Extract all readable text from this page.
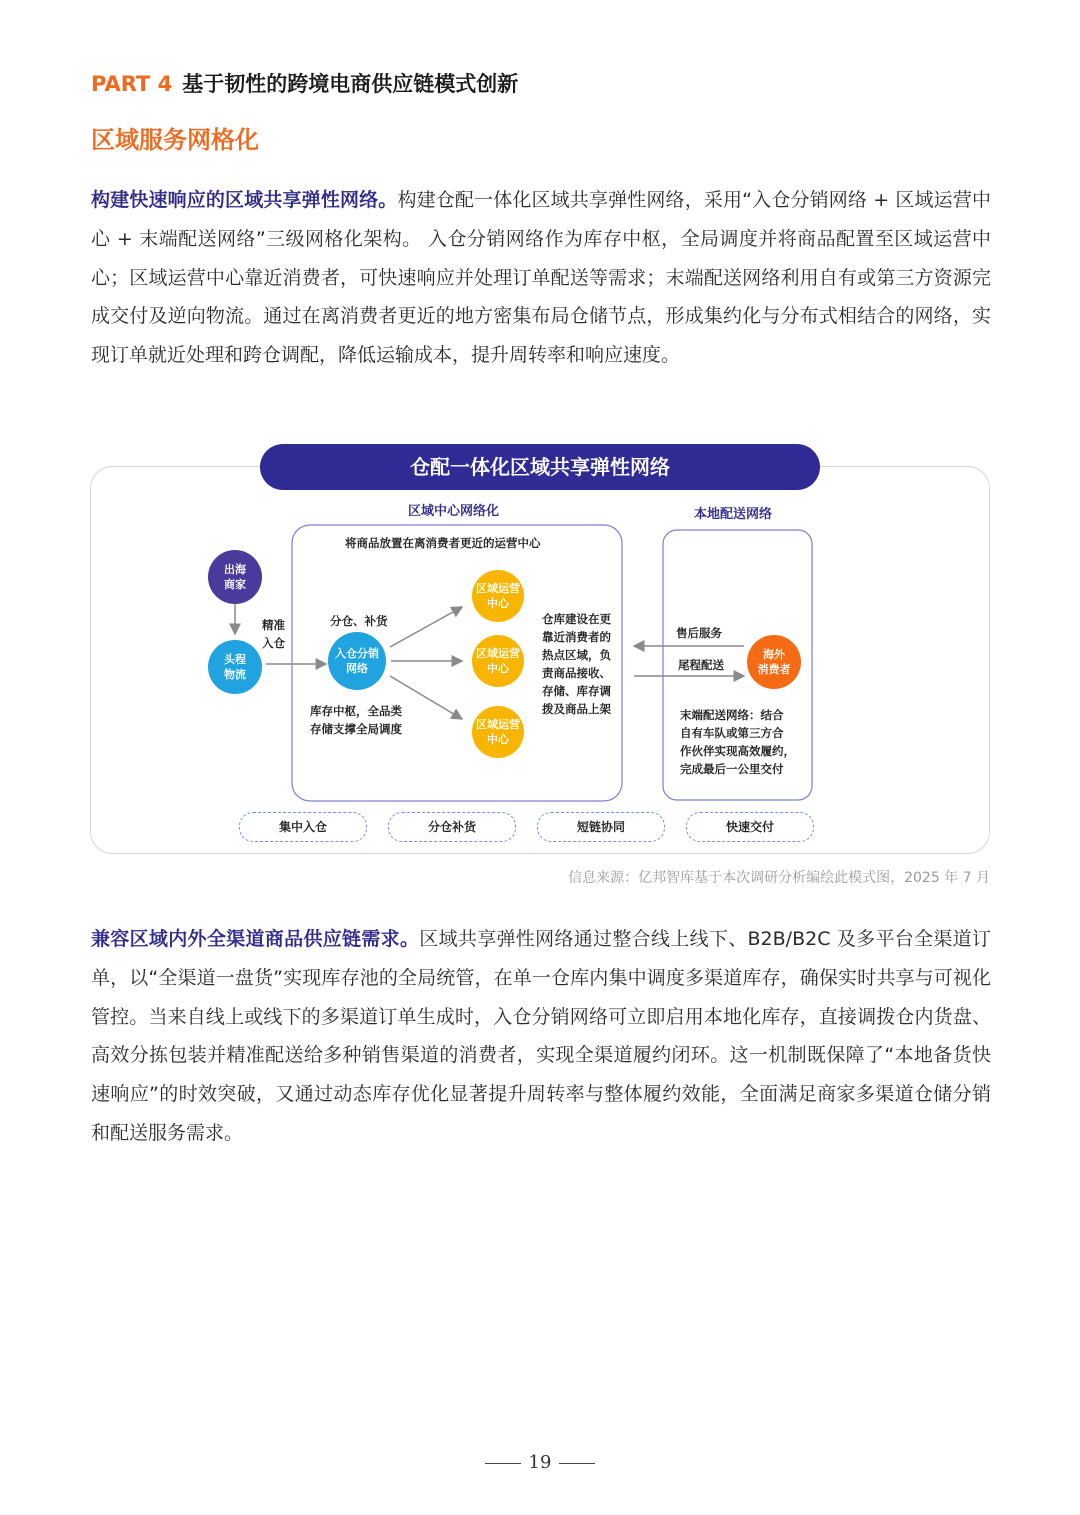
PART 4 基于韧性的跨境电商供应链模式创新
区域服务网格化
构建快速响应的区域共享弹性网络。构建仓配一体化区域共享弹性网络，采用“入仓分销网络 + 区域运营中心 + 末端配送网络”三级网格化架构。 入仓分销网络作为库存中枢，全局调度并将商品配置至区域运营中心；区域运营中心靠近消费者，可快速响应并处理订单配送等需求；末端配送网络利用自有或第三方资源完成交付及逆向物流。通过在离消费者更近的地方密集布局仓储节点，形成集约化与分布式相结合的网络，实现订单就近处理和跨仓调配，降低运输成本，提升周转率和响应速度。
仓配一体化区域共享弹性网络
区域中心网络化
将商品放置在离消费者更近的运营中心
本地配送网络
出海
商家
头程
物流
精准
入仓
分仓、补货
入仓分销
网络
库存中枢，全品类
存储支撑全局调度
区域运营
中心
区域运营
中心
区域运营
中心
仓库建设在更
靠近消费者的
热点区域，负
责商品接收、
存储、库存调
拨及商品上架
售后服务
尾程配送
海外
消费者
末端配送网络：结合
自有车队或第三方合
作伙伴实现高效履约，
完成最后一公里交付
集中入仓	分仓补货	短链协同	快速交付
信息来源：亿邦智库基于本次调研分析编绘此模式图，2025 年 7 月
兼容区域内外全渠道商品供应链需求。区域共享弹性网络通过整合线上线下、B2B/B2C 及多平台全渠道订单，以“全渠道一盘货”实现库存池的全局统管，在单一仓库内集中调度多渠道库存，确保实时共享与可视化管控。当来自线上或线下的多渠道订单生成时，入仓分销网络可立即启用本地化库存，直接调拨仓内货盘、高效分拣包装并精准配送给多种销售渠道的消费者，实现全渠道履约闭环。这一机制既保障了“本地备货快速响应”的时效突破，又通过动态库存优化显著提升周转率与整体履约效能，全面满足商家多渠道仓储分销和配送服务需求。
19
